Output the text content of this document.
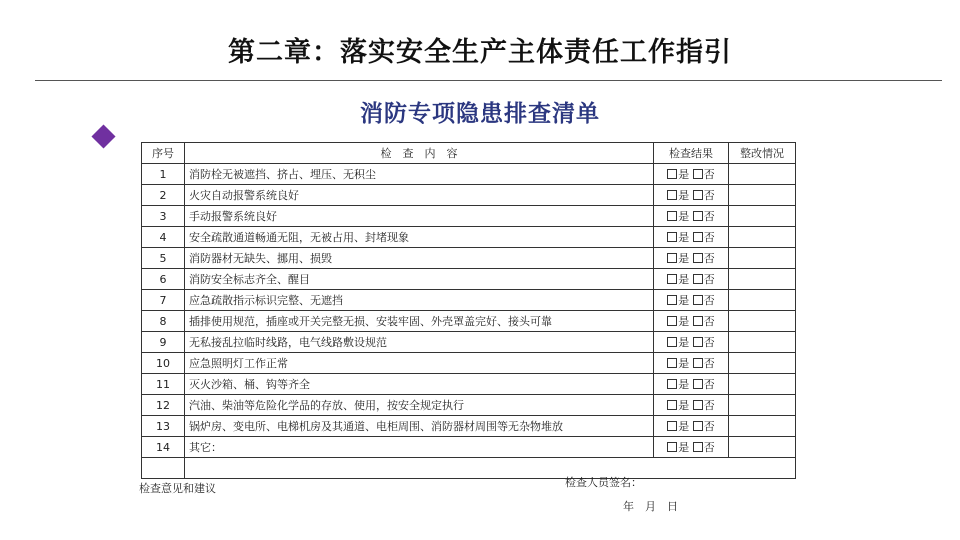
第二章：落实安全生产主体责任工作指引
消防专项隐患排查清单
序号	检　查　内　容	检查结果	整改情况
1	消防栓无被遮挡、挤占、埋压、无积尘	是 否	
2	火灾自动报警系统良好	是 否	
3	手动报警系统良好	是 否	
4	安全疏散通道畅通无阻，无被占用、封堵现象	是 否	
5	消防器材无缺失、挪用、损毁	是 否	
6	消防安全标志齐全、醒目	是 否	
7	应急疏散指示标识完整、无遮挡	是 否	
8	插排使用规范，插座或开关完整无损、安装牢固、外壳罩盖完好、接头可靠	是 否	
9	无私接乱拉临时线路，电气线路敷设规范	是 否	
10	应急照明灯工作正常	是 否	
11	灭火沙箱、桶、钩等齐全	是 否	
12	汽油、柴油等危险化学品的存放、使用，按安全规定执行	是 否	
13	锅炉房、变电所、电梯机房及其通道、电柜周围、消防器材周围等无杂物堆放	是 否	
14	其它：	是 否	

	检查意见和建议 检查人员签名：
年　月　日		
